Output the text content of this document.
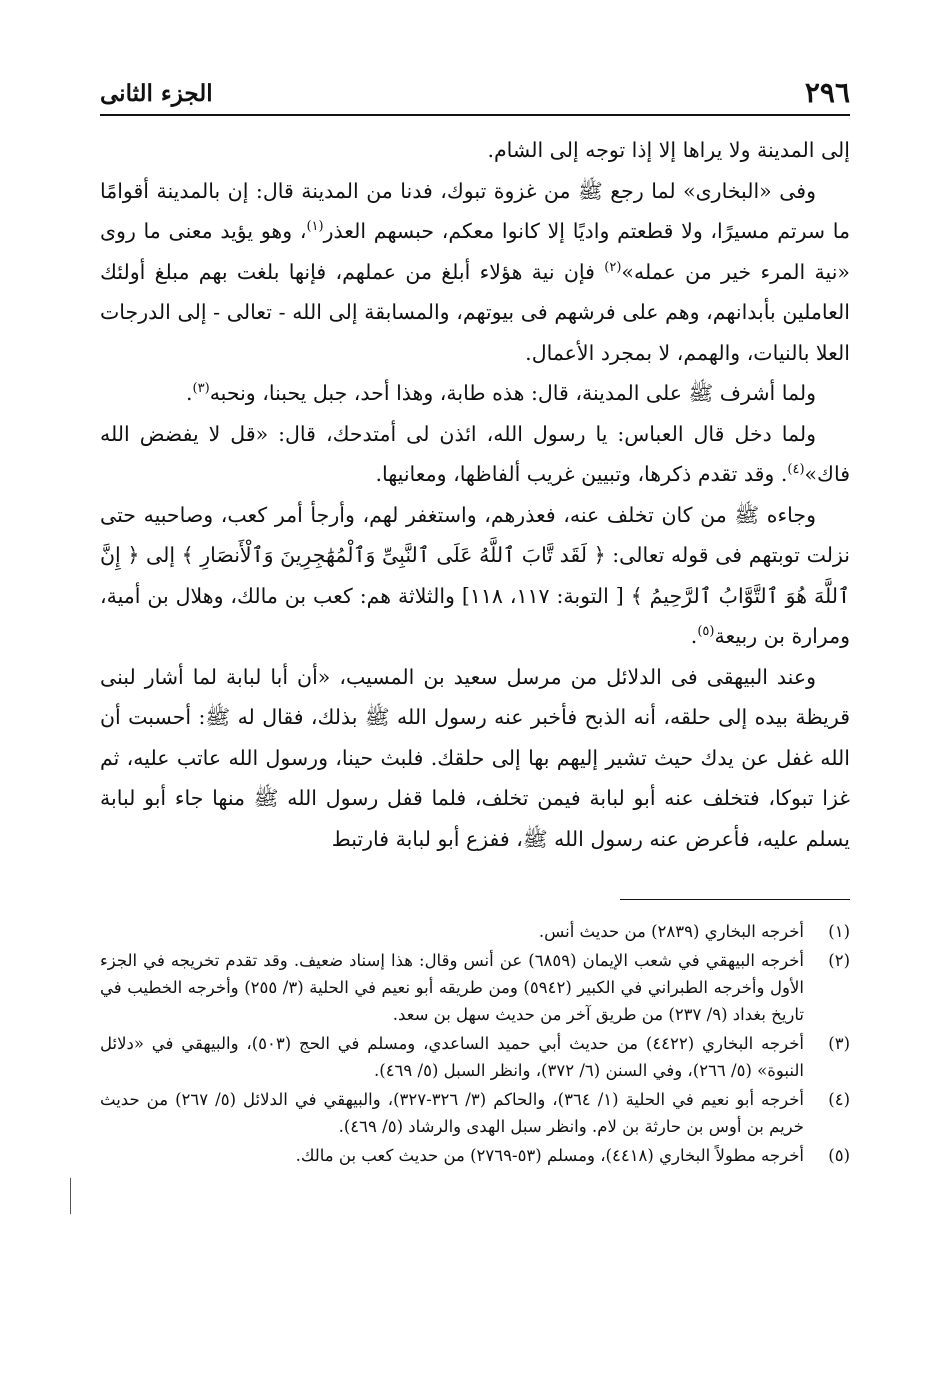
٢٩٦
الجزء الثانى

إلى المدينة ولا يراها إلا إذا توجه إلى الشام.

وفى «البخارى» لما رجع ﷺ من غزوة تبوك، فدنا من المدينة قال: إن بالمدينة أقوامًا ما سرتم مسيرًا، ولا قطعتم واديًا إلا كانوا معكم، حبسهم العذر$^{(١)}$، وهو يؤيد معنى ما روى «نية المرء خير من عمله»$^{(٢)}$ فإن نية هؤلاء أبلغ من عملهم، فإنها بلغت بهم مبلغ أولئك العاملين بأبدانهم، وهم على فرشهم فى بيوتهم، والمسابقة إلى الله - تعالى - إلى الدرجات العلا بالنيات، والهمم، لا بمجرد الأعمال.

ولما أشرف ﷺ على المدينة، قال: هذه طابة، وهذا أحد، جبل يحبنا، ونحبه$^{(٣)}$.

ولما دخل قال العباس: يا رسول الله، ائذن لى أمتدحك، قال: «قل لا يفضض الله فاك»$^{(٤)}$. وقد تقدم ذكرها، وتبيين غريب ألفاظها، ومعانيها.

وجاءه ﷺ من كان تخلف عنه، فعذرهم، واستغفر لهم، وأرجأ أمر كعب، وصاحبيه حتى نزلت توبتهم فى قوله تعالى: ﴿ لَقَد تَّابَ ٱللَّهُ عَلَى ٱلنَّبِىِّ وَٱلْمُهَٰجِرِينَ وَٱلْأَنصَارِ ﴾ إلى ﴿ إِنَّ ٱللَّهَ هُوَ ٱلتَّوَّابُ ٱلرَّحِيمُ ﴾ [ التوبة: ١١٧، ١١٨] والثلاثة هم: كعب بن مالك، وهلال بن أمية، ومرارة بن ربيعة$^{(٥)}$.

وعند البيهقى فى الدلائل من مرسل سعيد بن المسيب، «أن أبا لبابة لما أشار لبنى قريظة بيده إلى حلقه، أنه الذبح فأخبر عنه رسول الله ﷺ بذلك، فقال له ﷺ: أحسبت أن الله غفل عن يدك حيث تشير إليهم بها إلى حلقك. فلبث حينا، ورسول الله عاتب عليه، ثم غزا تبوكا، فتخلف عنه أبو لبابة فيمن تخلف، فلما قفل رسول الله ﷺ منها جاء أبو لبابة يسلم عليه، فأعرض عنه رسول الله ﷺ، ففزع أبو لبابة فارتبط

(١)
أخرجه البخاري (٢٨٣٩) من حديث أنس.
(٢)
أخرجه البيهقي في شعب الإيمان (٦٨٥٩) عن أنس وقال: هذا إسناد ضعيف. وقد تقدم تخريجه في الجزء الأول وأخرجه الطبراني في الكبير (٥٩٤٢) ومن طريقه أبو نعيم في الحلية (٣/ ٢٥٥) وأخرجه الخطيب في تاريخ بغداد (٩/ ٢٣٧) من طريق آخر من حديث سهل بن سعد.
(٣)
أخرجه البخاري (٤٤٢٢) من حديث أبي حميد الساعدي، ومسلم في الحج (٥٠٣)، والبيهقي في «دلائل النبوة» (٥/ ٢٦٦)، وفي السنن (٦/ ٣٧٢)، وانظر السبل (٥/ ٤٦٩).
(٤)
أخرجه أبو نعيم في الحلية (١/ ٣٦٤)، والحاكم (٣/ ٣٢٦-٣٢٧)، والبيهقي في الدلائل (٥/ ٢٦٧) من حديث خريم بن أوس بن حارثة بن لام. وانظر سبل الهدى والرشاد (٥/ ٤٦٩).
(٥)
أخرجه مطولاً البخاري (٤٤١٨)، ومسلم (٥٣-٢٧٦٩) من حديث كعب بن مالك.
